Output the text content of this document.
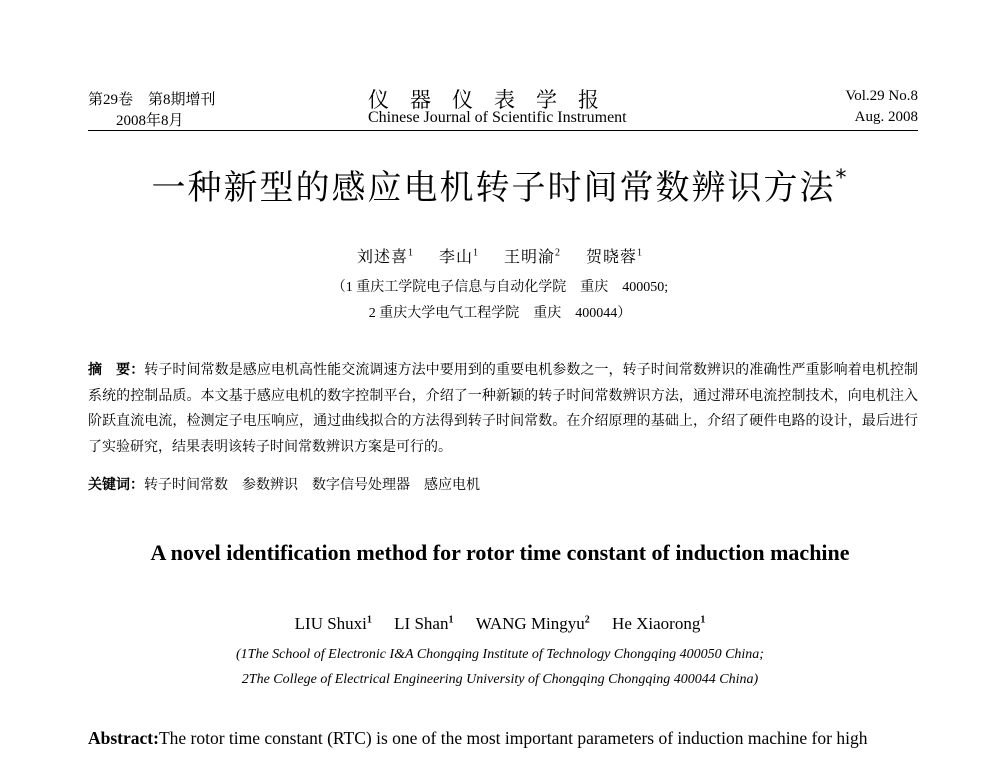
第29卷　第8期增刊
2008年8月
仪　器　仪　表　学　报
Chinese Journal of Scientific Instrument
Vol.29 No.8
Aug. 2008
一种新型的感应电机转子时间常数辨识方法*
刘述喜$^1$ 李山$^1$ 王明渝$^2$ 贺晓蓉$^1$
（1 重庆工学院电子信息与自动化学院　重庆　400050;
2 重庆大学电气工程学院　重庆　400044）
摘　要：转子时间常数是感应电机高性能交流调速方法中要用到的重要电机参数之一，转子时间常数辨识的准确性严重影响着电机控制系统的控制品质。本文基于感应电机的数字控制平台，介绍了一种新颖的转子时间常数辨识方法，通过滞环电流控制技术，向电机注入阶跃直流电流，检测定子电压响应，通过曲线拟合的方法得到转子时间常数。在介绍原理的基础上，介绍了硬件电路的设计，最后进行了实验研究，结果表明该转子时间常数辨识方案是可行的。
关键词：转子时间常数　参数辨识　数字信号处理器　感应电机
A novel identification method for rotor time constant of induction machine
LIU Shuxi$^1$ LI Shan$^1$ WANG Mingyu$^2$ He Xiaorong$^1$
(1The School of Electronic I&A Chongqing Institute of Technology Chongqing 400050 China;
2The College of Electrical Engineering University of Chongqing Chongqing 400044 China)
Abstract:The rotor time constant (RTC) is one of the most important parameters of induction machine for high
